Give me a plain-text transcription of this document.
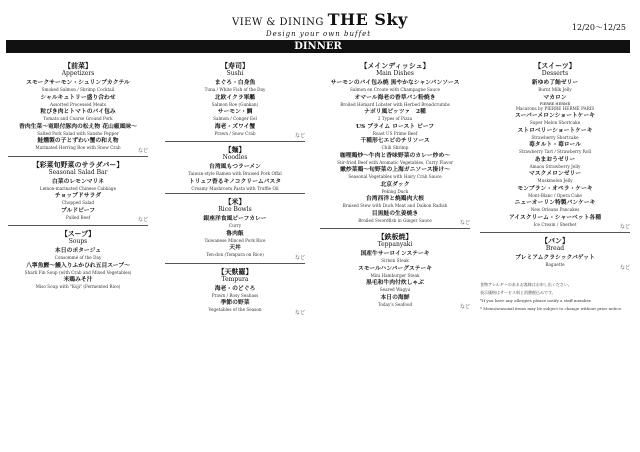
VIEW & DINING THE Sky
Design your own buffet
12/20～12/25
DINNER
【前菜】
Appetizers
スモークサーモン・シュリンプカクテル
Smoked Salmon / Shrimp Cocktail
シャルキュトリー盛り合わせ
Assorted Processed Meats
粒ぴき肉とトマトのパイ包み
Tomato and Coarse Ground Pork
香肉生菜～竜眼付豚肉の松え物 花山椒風味～
Salted Pork Salad with Sansho Pepper
鮭燻製の子とずわい蟹の和え物
Marinated Herring Roe with Snow Crab	など
【彩菜旬野菜のサラダバー】
Seasonal Salad Bar
白菜のレモンマリネ
Lemon-marinated Chinese Cabbage
チョップドサラダ
Chopped Salad
プルドビーフ
Pulled Beef	など
【スープ】
Soups
本日のポタージュ
Consommé of the Day
八寧魚鰹～鰻入りふかひれ五目スープ～
Shark Fin Soup (with Crab and Mixed Vegetables)
米鶏みそ汁
Miso Soup with "Koji" (Fermented Rice)
【寿司】
Sushi
まぐろ・白身魚
Tuna / White Fish of the Day
北欧イクラ軍艦
Salmon Roe (Gunkan)
サーモン・鯛
Salmon / Conger Eel
海老・ズワイ蟹
Prawn / Snow Crab	など
【麺】
Noodles
台湾風もつラーメン
Taiwan-style Ramen with Braised Pork Offal
トリュフ香るキノコクリームパスタ
Creamy Mushroom Pasta with Truffle Oil
【米】
Rice Bowls
銀座洋食風ビーフカレー
Curry
魯肉飯
Taiwanese Minced Pork Rice
天丼
Ten-don (Tempura on Rice)	など
【天麩羅】
Tempura
海老・のどぐろ
Prawn / Rosy Seabass
季節の野菜
Vegetables of the Season	など
【メインディッシュ】
Main Dishes
サーモンのパイ包み焼 黒やかなシャンパンソース
Salmon en Croute with Champagne Sauce
オマール海老の香草パン粉焼き
Broiled Homard Lobster with Herbed Breadcrumbs
ナポリ風ピッツァ　2種
2 Types of Pizza
US プライム ロースト ビーフ
Roast US Prime Beef
千種形七エビのチリソース
Chili Shrimp
咖哩鶏炒～牛肉と香味野菜のカレー炒め～
Stir-fried Beef with Aromatic Vegetables, Curry Flavor
嫩炒菜鶏～旬野菜の上海ガニソース掛け～
Seasonal Vegetables with Hairy Crab Sauce
北京ダック
Peking Duck
台湾西洋と焼鶏肉大根
Braised Stew with Duck Meat and Daikon Radish
目黒鮭の生姜焼き
Broiled Swordfish in Ginger Sauce	など
【鉄板焼】
Teppanyaki
国産牛サーロインステーキ
Sirloin Steak
スモールハンバーグステーキ
Mini Hamburger Steak
黒毛和牛肉付炊しゃぶ
Seared Wagyu
本日の海鮮
Today's Seafood	など
【スイーツ】
Desserts
新ゆめ了飴ゼリー
Burnt Milk Jelly
マカロン
PIERRE HERMÉ
Macarons by PIERRE HERMÉ PARIS
スーパーメロンショートケーキ
Super Melon Shortcake
ストロベリーショートケーキ
Strawberry Shortcake
苺タルト・苺ロール
Strawberry Tart / Strawberry Roll
あまおうゼリー
Amaou Strawberry Jelly
マスクメロンゼリー
Muskmelon Jelly
モンブラン・オペラ・ケーキ
Mont-Blanc / Opera Cake
ニューオーリン特製パンケーキ
New Orleans Pancakes
アイスクリーム・シャーベット各種
Ice Cream / Sherbet	など
【パン】
Bread
プレミアムクラシックバゲット
Baguette	など
食物アレルギーのあるお客様はお申し出ください。
表示価格はサービス料と消費税込みです。
*If you have any allergies please notify a staff member.
* Menu/seasonal items may be subject to change without prior notice.
